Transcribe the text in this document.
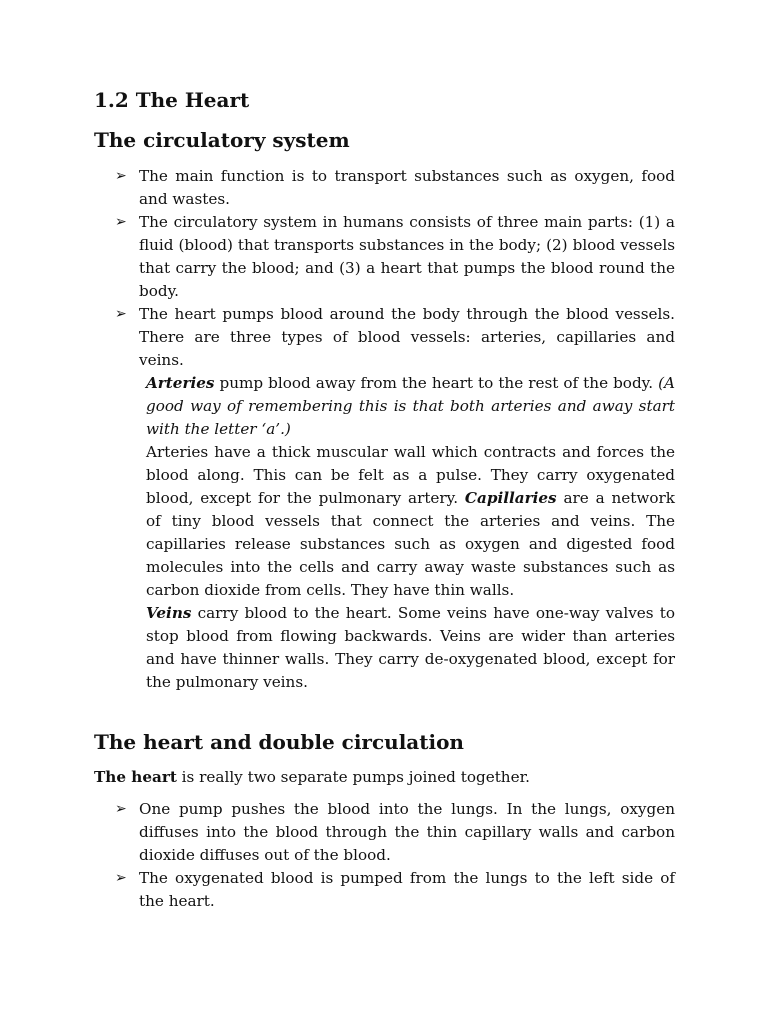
1.2 The Heart
The circulatory system
➢ The main function is to transport substances such as oxygen, food and wastes.
➢ The circulatory system in humans consists of three main parts: (1) a fluid (blood) that transports substances in the body; (2) blood vessels that carry the blood; and (3) a heart that pumps the blood round the body.
➢ The heart pumps blood around the body through the blood vessels. There are three types of blood vessels: arteries, capillaries and veins.

Arteries pump blood away from the heart to the rest of the body. (A good way of remembering this is that both arteries and away start with the letter ‘a’.)

Arteries have a thick muscular wall which contracts and forces the blood along. This can be felt as a pulse. They carry oxygenated blood, except for the pulmonary artery. Capillaries are a network of tiny blood vessels that connect the arteries and veins. The capillaries release substances such as oxygen and digested food molecules into the cells and carry away waste substances such as carbon dioxide from cells. They have thin walls.

Veins carry blood to the heart. Some veins have one-way valves to stop blood from flowing backwards. Veins are wider than arteries and have thinner walls. They carry de-oxygenated blood, except for the pulmonary veins.

The heart and double circulation

The heart is really two separate pumps joined together.

➢ One pump pushes the blood into the lungs. In the lungs, oxygen diffuses into the blood through the thin capillary walls and carbon dioxide diffuses out of the blood.
➢ The oxygenated blood is pumped from the lungs to the left side of the heart.
